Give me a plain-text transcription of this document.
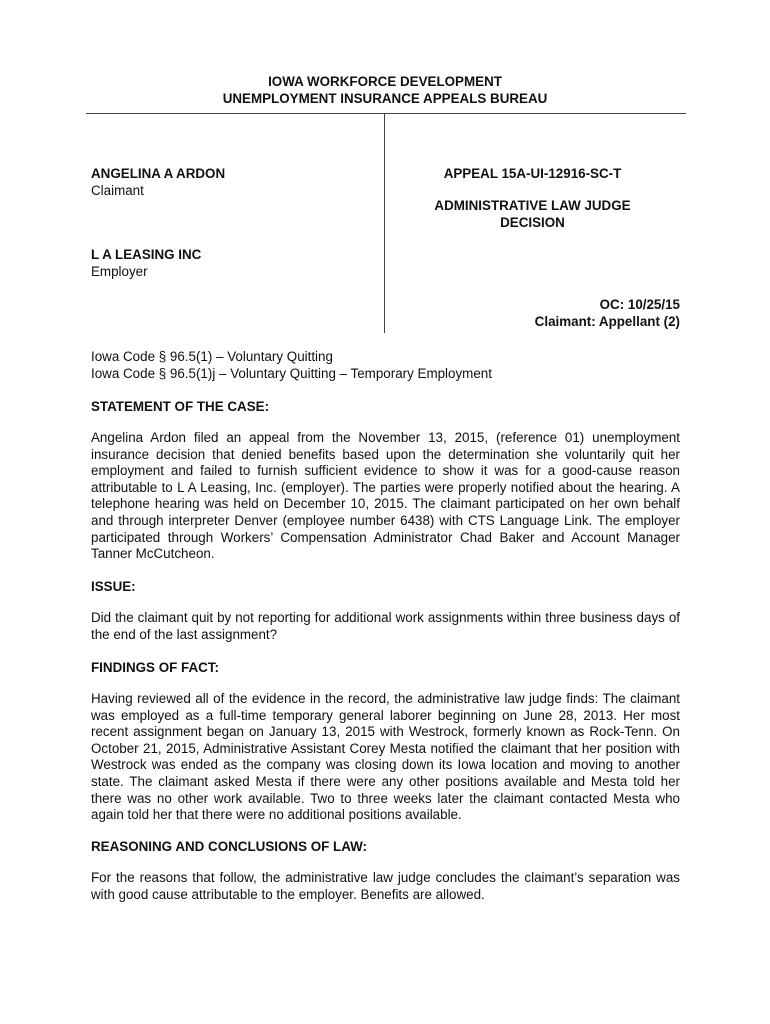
IOWA WORKFORCE DEVELOPMENT
UNEMPLOYMENT INSURANCE APPEALS BUREAU
ANGELINA A ARDON
Claimant
L A LEASING INC
Employer
APPEAL 15A-UI-12916-SC-T
ADMINISTRATIVE LAW JUDGE
DECISION
OC: 10/25/15
Claimant: Appellant (2)
Iowa Code § 96.5(1) – Voluntary Quitting
Iowa Code § 96.5(1)j – Voluntary Quitting – Temporary Employment
STATEMENT OF THE CASE:

Angelina Ardon filed an appeal from the November 13, 2015, (reference 01) unemployment insurance decision that denied benefits based upon the determination she voluntarily quit her employment and failed to furnish sufficient evidence to show it was for a good-cause reason attributable to L A Leasing, Inc. (employer). The parties were properly notified about the hearing. A telephone hearing was held on December 10, 2015. The claimant participated on her own behalf and through interpreter Denver (employee number 6438) with CTS Language Link. The employer participated through Workers’ Compensation Administrator Chad Baker and Account Manager Tanner McCutcheon.

ISSUE:

Did the claimant quit by not reporting for additional work assignments within three business days of the end of the last assignment?

FINDINGS OF FACT:

Having reviewed all of the evidence in the record, the administrative law judge finds: The claimant was employed as a full-time temporary general laborer beginning on June 28, 2013. Her most recent assignment began on January 13, 2015 with Westrock, formerly known as Rock-Tenn. On October 21, 2015, Administrative Assistant Corey Mesta notified the claimant that her position with Westrock was ended as the company was closing down its Iowa location and moving to another state. The claimant asked Mesta if there were any other positions available and Mesta told her there was no other work available. Two to three weeks later the claimant contacted Mesta who again told her that there were no additional positions available.

REASONING AND CONCLUSIONS OF LAW:

For the reasons that follow, the administrative law judge concludes the claimant’s separation was with good cause attributable to the employer. Benefits are allowed.
